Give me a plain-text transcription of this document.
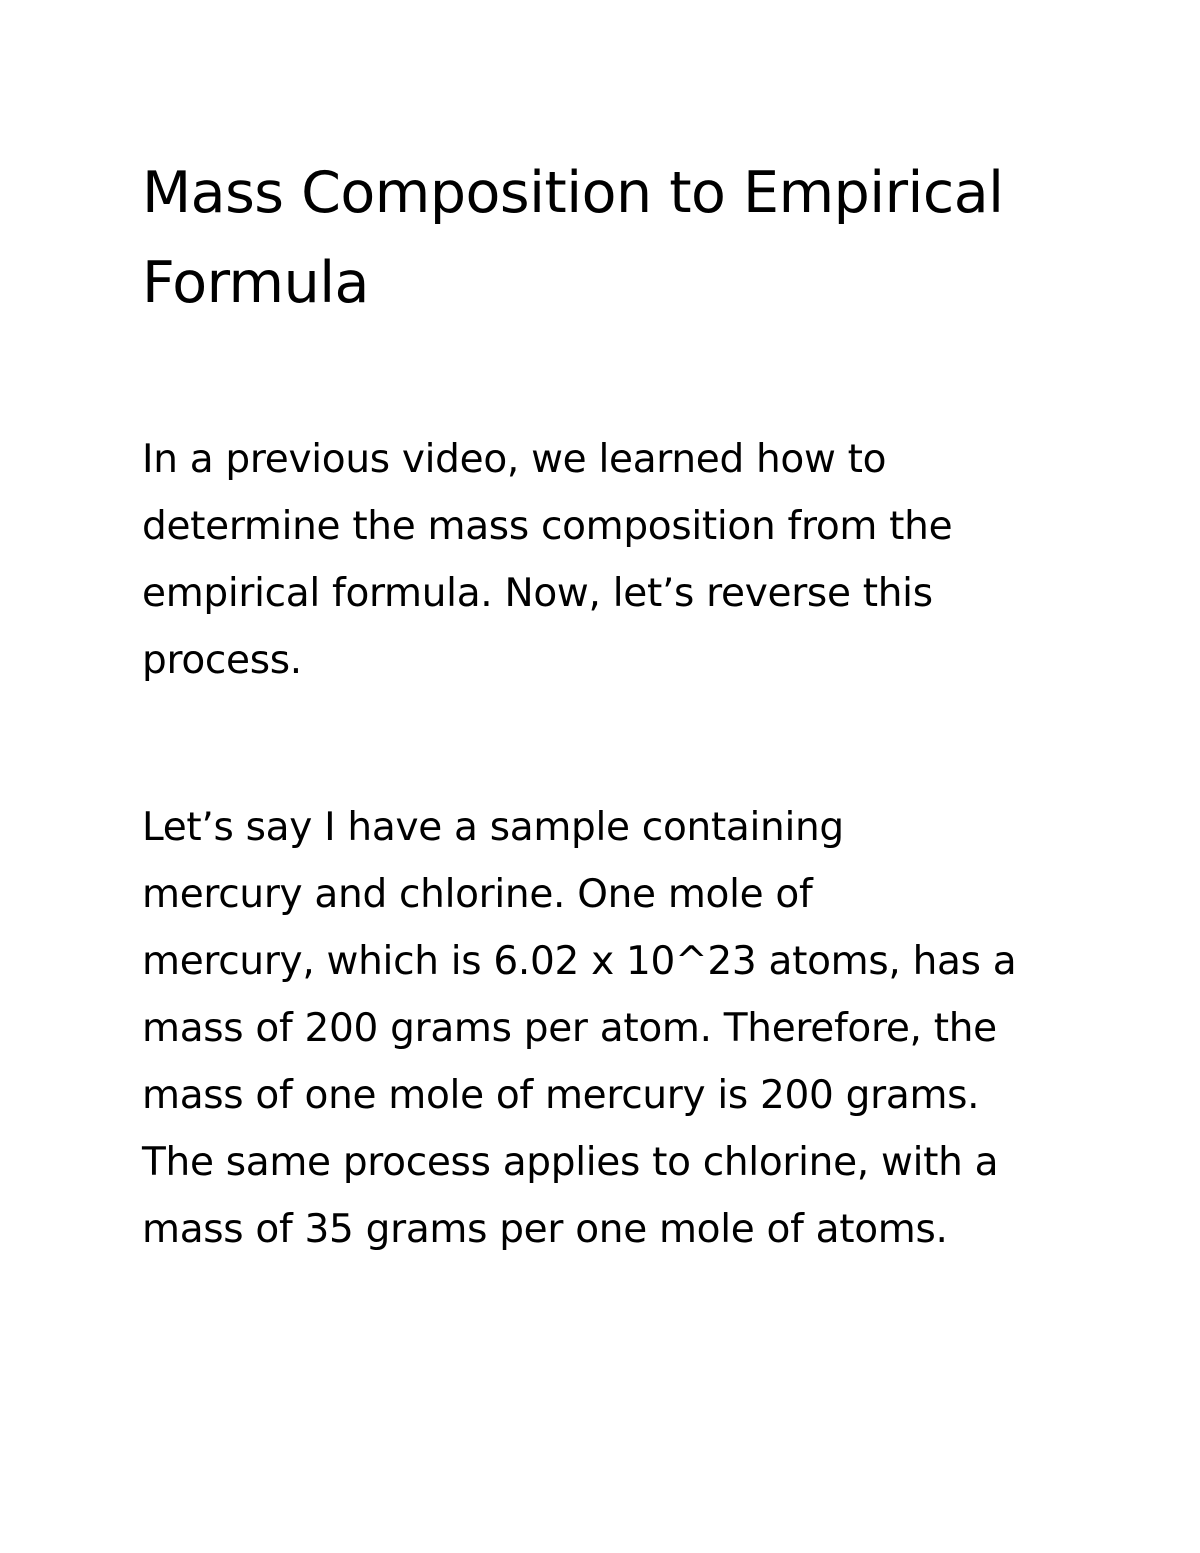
Mass Composition to Empirical
Formula

In a previous video, we learned how to
determine the mass composition from the
empirical formula. Now, let’s reverse this
process.

Let’s say I have a sample containing
mercury and chlorine. One mole of
mercury, which is 6.02 x 10^23 atoms, has a
mass of 200 grams per atom. Therefore, the
mass of one mole of mercury is 200 grams.
The same process applies to chlorine, with a
mass of 35 grams per one mole of atoms.
